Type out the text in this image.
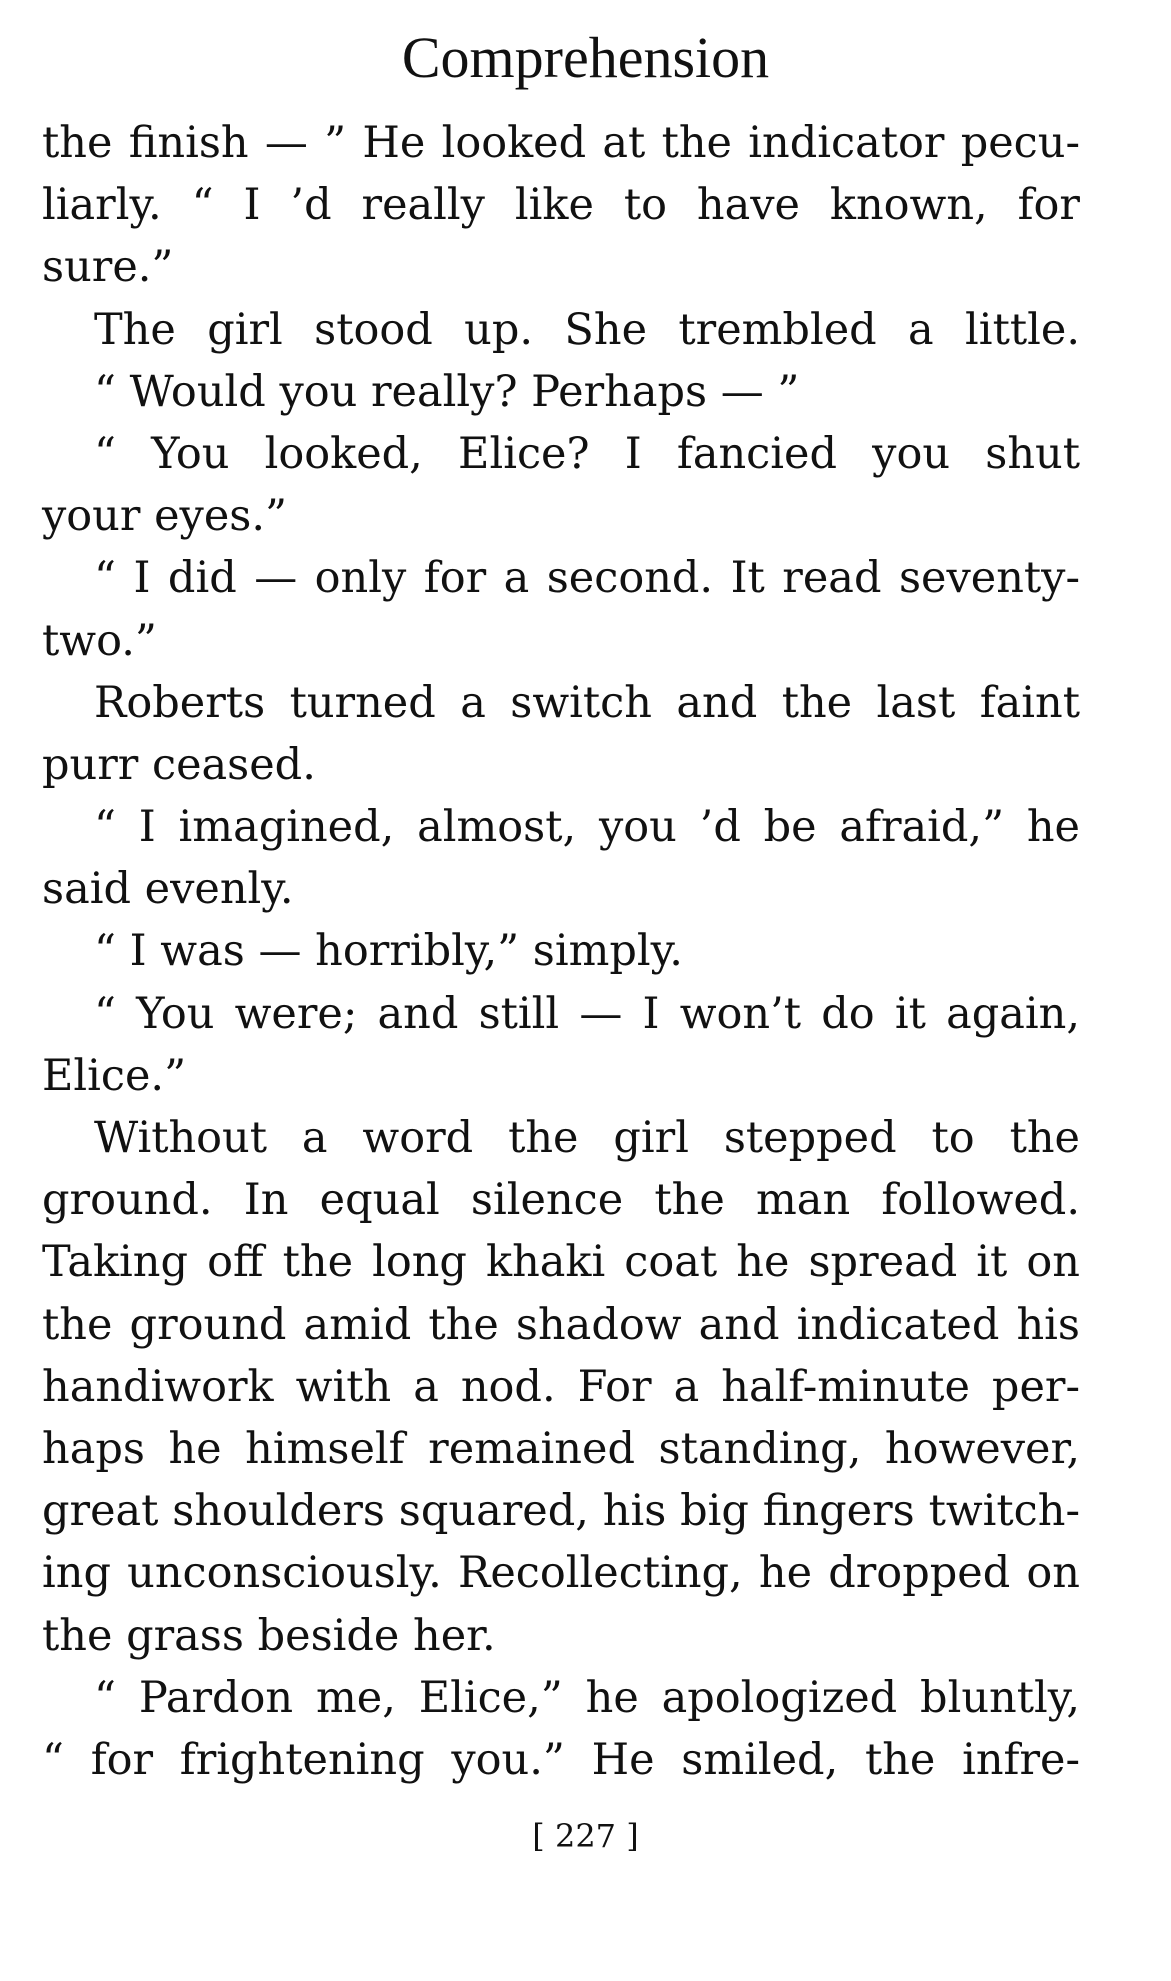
Comprehension
the finish — ” He looked at the indicator pecu-
liarly. “ I ’d really like to have known, for
sure.”
The girl stood up. She trembled a little.
“ Would you really? Perhaps — ”
“ You looked, Elice? I fancied you shut
your eyes.”
“ I did — only for a second. It read seventy-
two.”
Roberts turned a switch and the last faint
purr ceased.
“ I imagined, almost, you ’d be afraid,” he
said evenly.
“ I was — horribly,” simply.
“ You were; and still — I won’t do it again,
Elice.”
Without a word the girl stepped to the
ground. In equal silence the man followed.
Taking off the long khaki coat he spread it on
the ground amid the shadow and indicated his
handiwork with a nod. For a half-minute per-
haps he himself remained standing, however,
great shoulders squared, his big fingers twitch-
ing unconsciously. Recollecting, he dropped on
the grass beside her.
“ Pardon me, Elice,” he apologized bluntly,
“ for frightening you.” He smiled, the infre-
[ 227 ]
